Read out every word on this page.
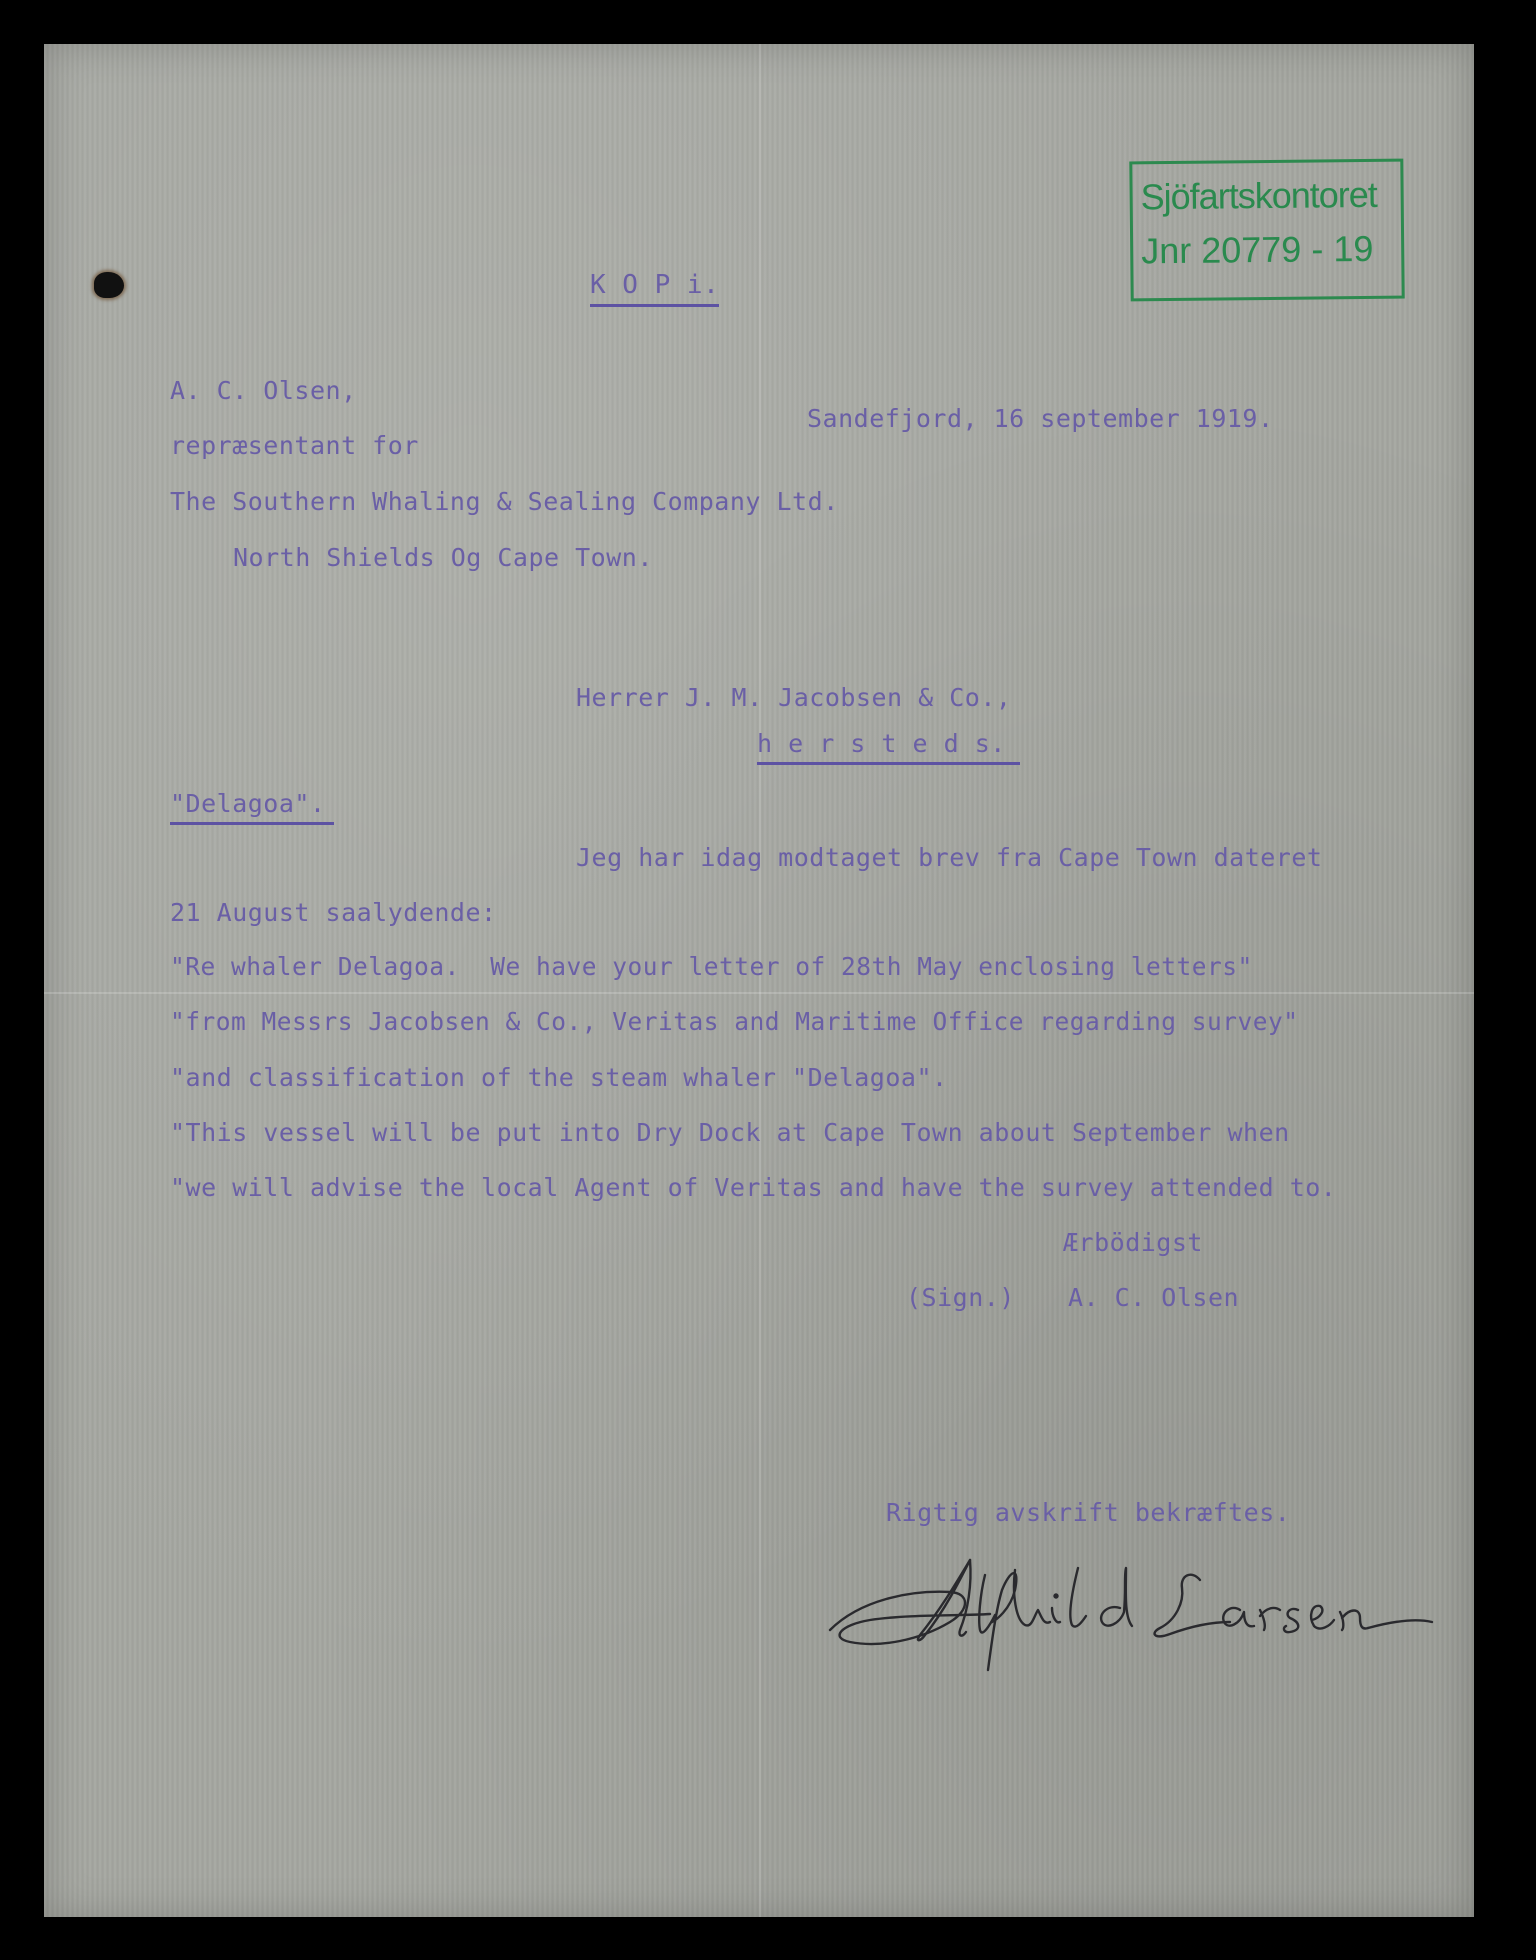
Sjöfartskontoret
Jnr 20779 - 19
K O P i.
A. C. Olsen,
Sandefjord, 16 september 1919.
repræsentant for
The Southern Whaling & Sealing Company Ltd.
North Shields Og Cape Town.
Herrer J. M. Jacobsen & Co.,
h e r s t e d s.
"Delagoa".
Jeg har idag modtaget brev fra Cape Town dateret
21 August saalydende:
"Re whaler Delagoa.  We have your letter of 28th May enclosing letters"
"from Messrs Jacobsen & Co., Veritas and Maritime Office regarding survey"
"and classification of the steam whaler "Delagoa".
"This vessel will be put into Dry Dock at Cape Town about September when
"we will advise the local Agent of Veritas and have the survey attended to.
Ærbödigst
(Sign.) A. C. Olsen
Rigtig avskrift bekræftes.
